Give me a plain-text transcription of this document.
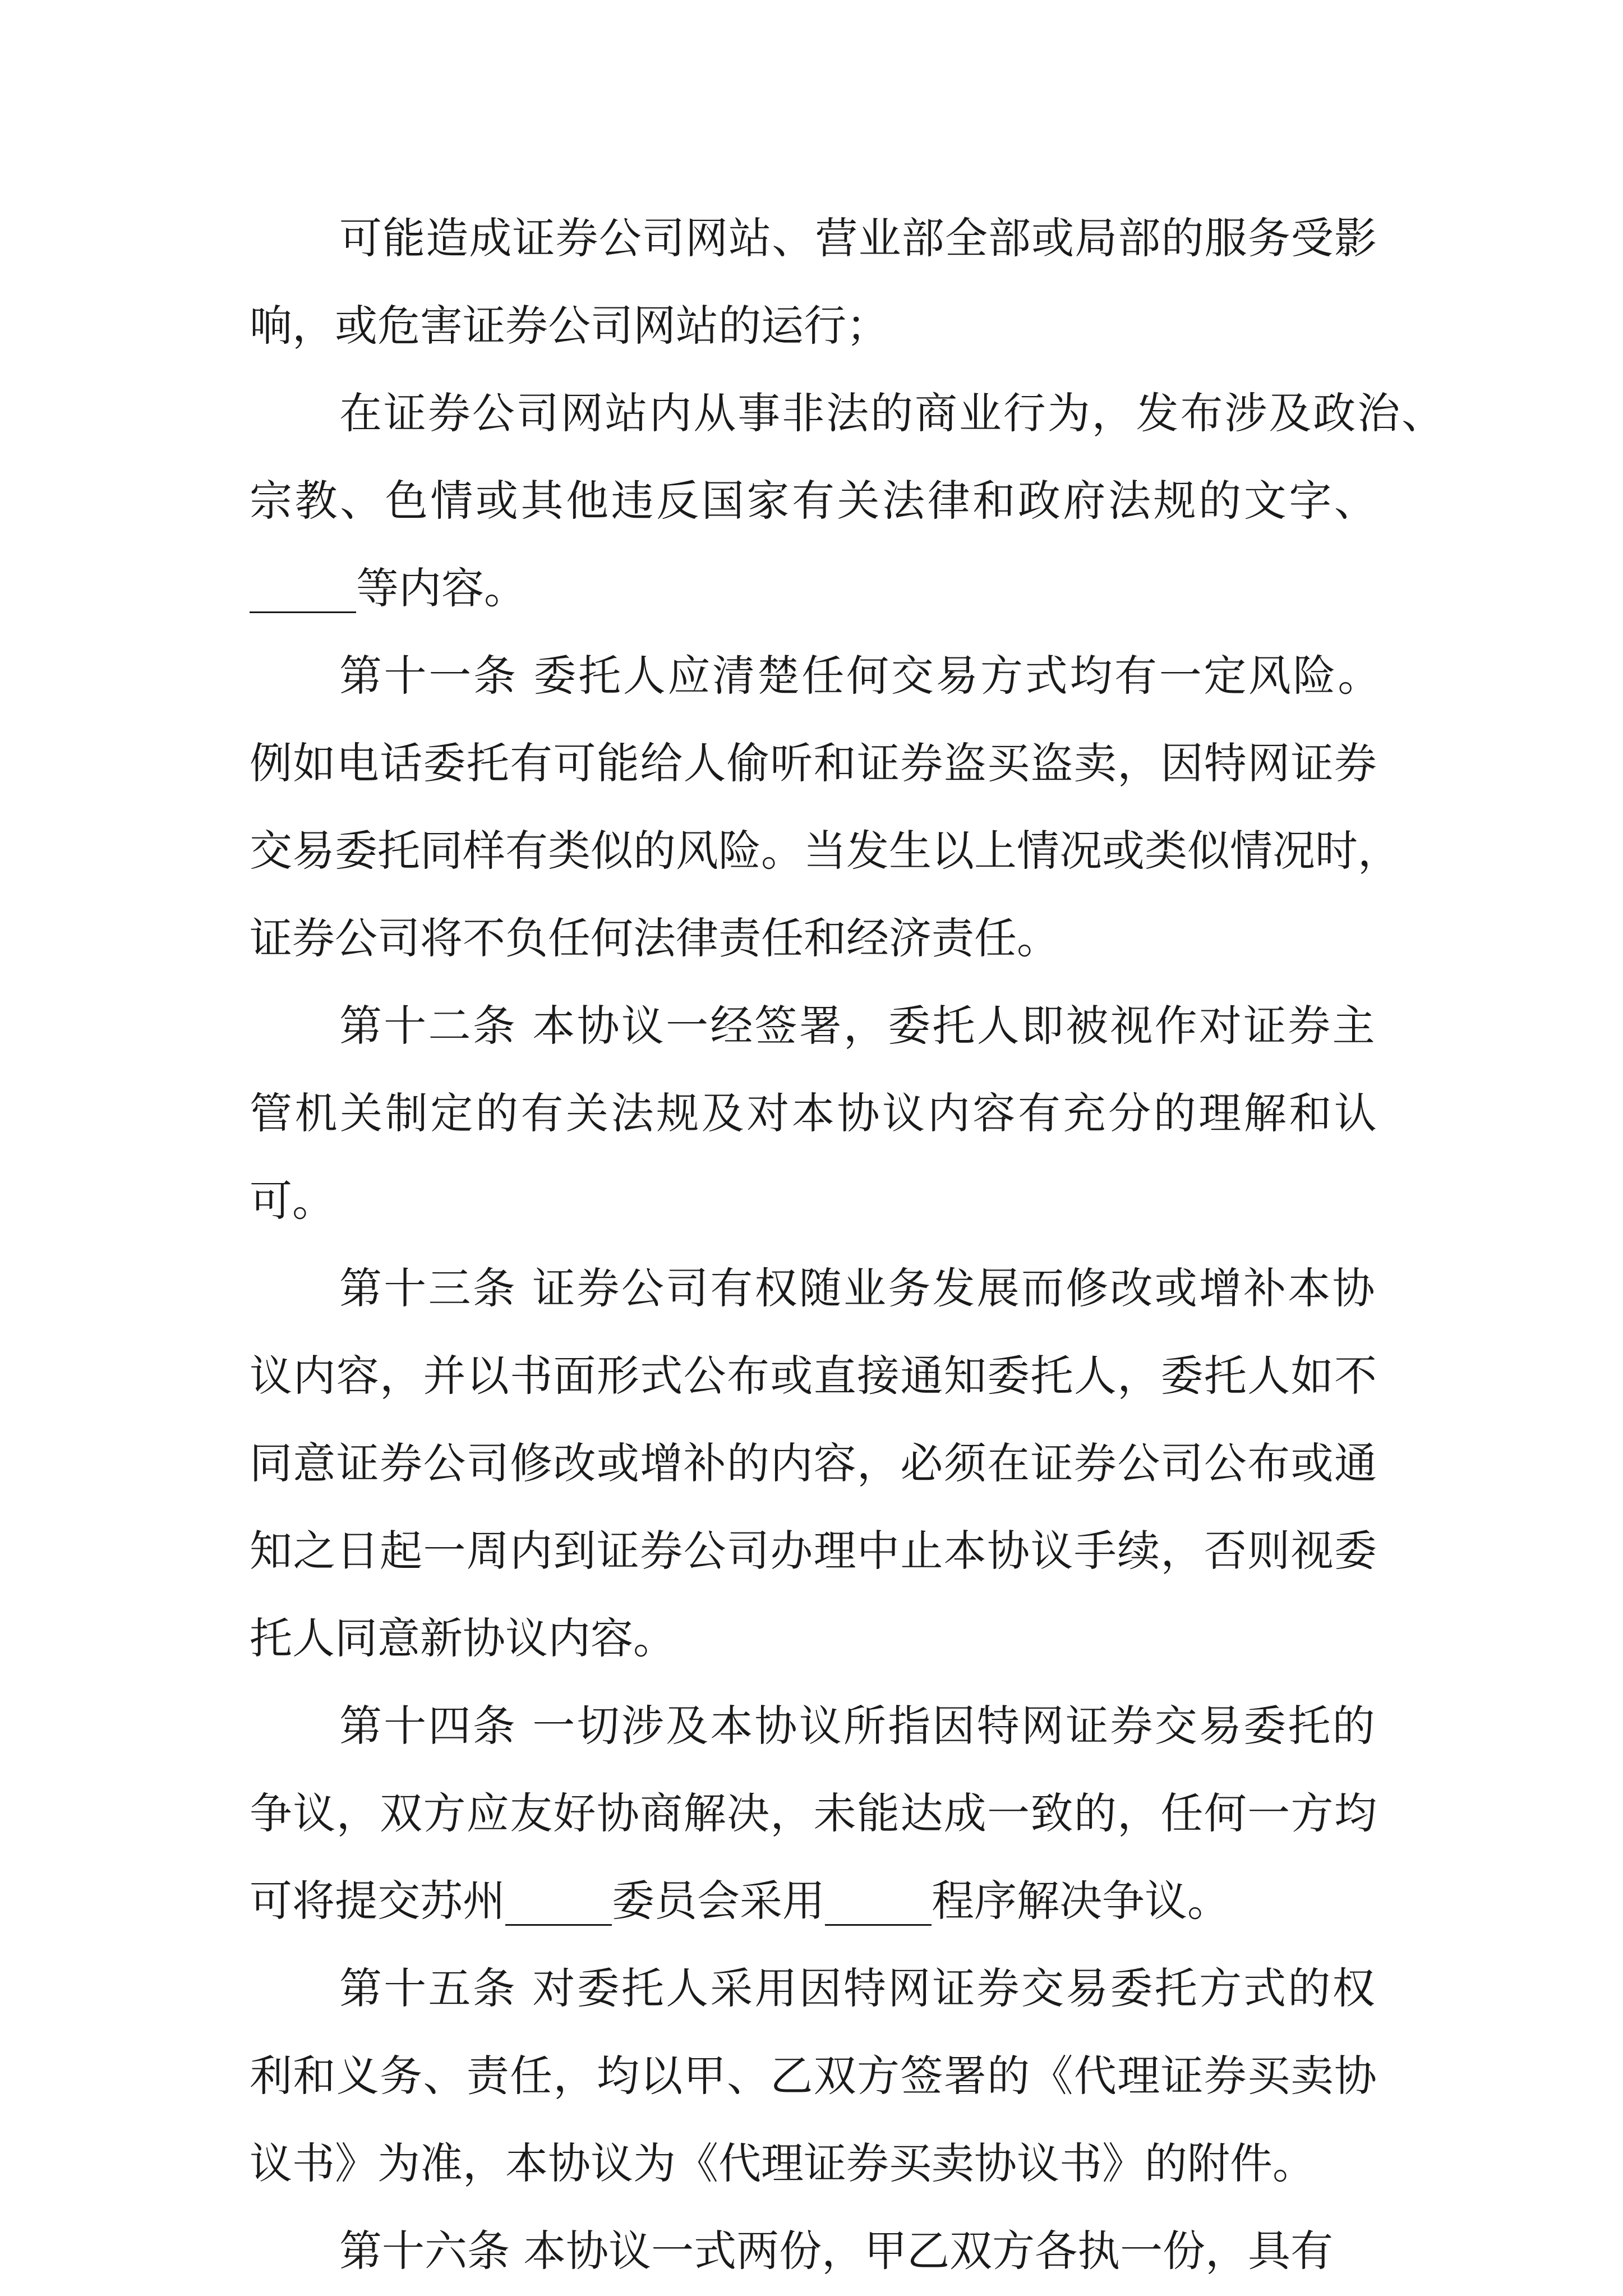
可能造成证券公司网站、营业部全部或局部的服务受影
响，或危害证券公司网站的运行；
在证券公司网站内从事非法的商业行为，发布涉及政治、
宗教、色情或其他违反国家有关法律和政府法规的文字、
_____等内容。
第十一条 委托人应清楚任何交易方式均有一定风险。
例如电话委托有可能给人偷听和证券盗买盗卖，因特网证券
交易委托同样有类似的风险。当发生以上情况或类似情况时，
证券公司将不负任何法律责任和经济责任。
第十二条 本协议一经签署，委托人即被视作对证券主
管机关制定的有关法规及对本协议内容有充分的理解和认
可。
第十三条 证券公司有权随业务发展而修改或增补本协
议内容，并以书面形式公布或直接通知委托人，委托人如不
同意证券公司修改或增补的内容，必须在证券公司公布或通
知之日起一周内到证券公司办理中止本协议手续，否则视委
托人同意新协议内容。
第十四条 一切涉及本协议所指因特网证券交易委托的
争议，双方应友好协商解决，未能达成一致的，任何一方均
可将提交苏州_____委员会采用_____程序解决争议。
第十五条 对委托人采用因特网证券交易委托方式的权
利和义务、责任，均以甲、乙双方签署的《代理证券买卖协
议书》为准，本协议为《代理证券买卖协议书》的附件。
第十六条 本协议一式两份，甲乙双方各执一份，具有
